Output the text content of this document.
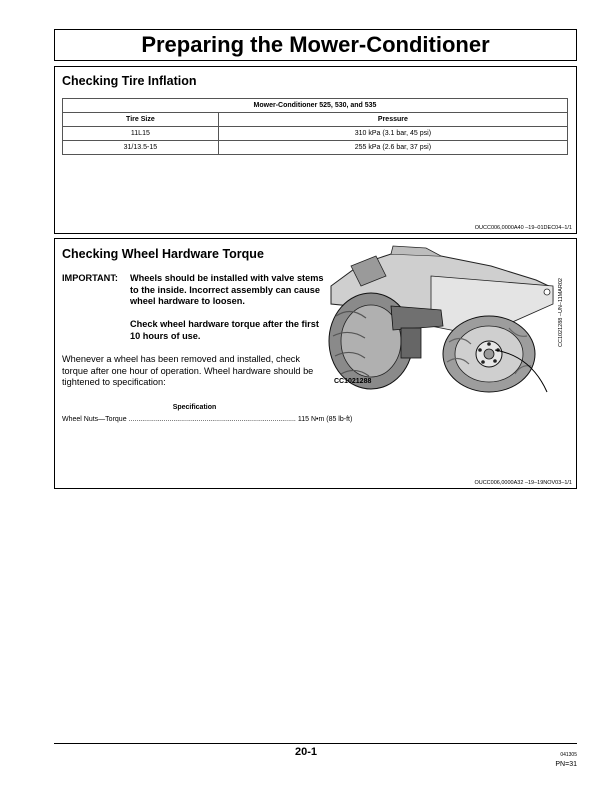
Preparing the Mower-Conditioner
Checking Tire Inflation
Mower-Conditioner 525, 530, and 535	
Tire Size	Pressure
11L15	310 kPa (3.1 bar, 45 psi)
31/13.5-15	255 kPa (2.6 bar, 37 psi)
OUCC006,0000A40 –19–01DEC04–1/1
Checking Wheel Hardware Torque
IMPORTANT: Wheels should be installed with valve stems to the inside. Incorrect assembly can cause wheel hardware to loosen.

Check wheel hardware torque after the first 10 hours of use.

Whenever a wheel has been removed and installed, check torque after one hour of operation. Wheel hardware should be tightened to specification:

Specification
Wheel Nuts—Torque ...................................................................................... 115 N•m (85 lb-ft)
CC1021288
CC1021288 –UN–11MAR02
OUCC006,0000A32 –19–19NOV03–1/1
20-1	041305
PN=31
